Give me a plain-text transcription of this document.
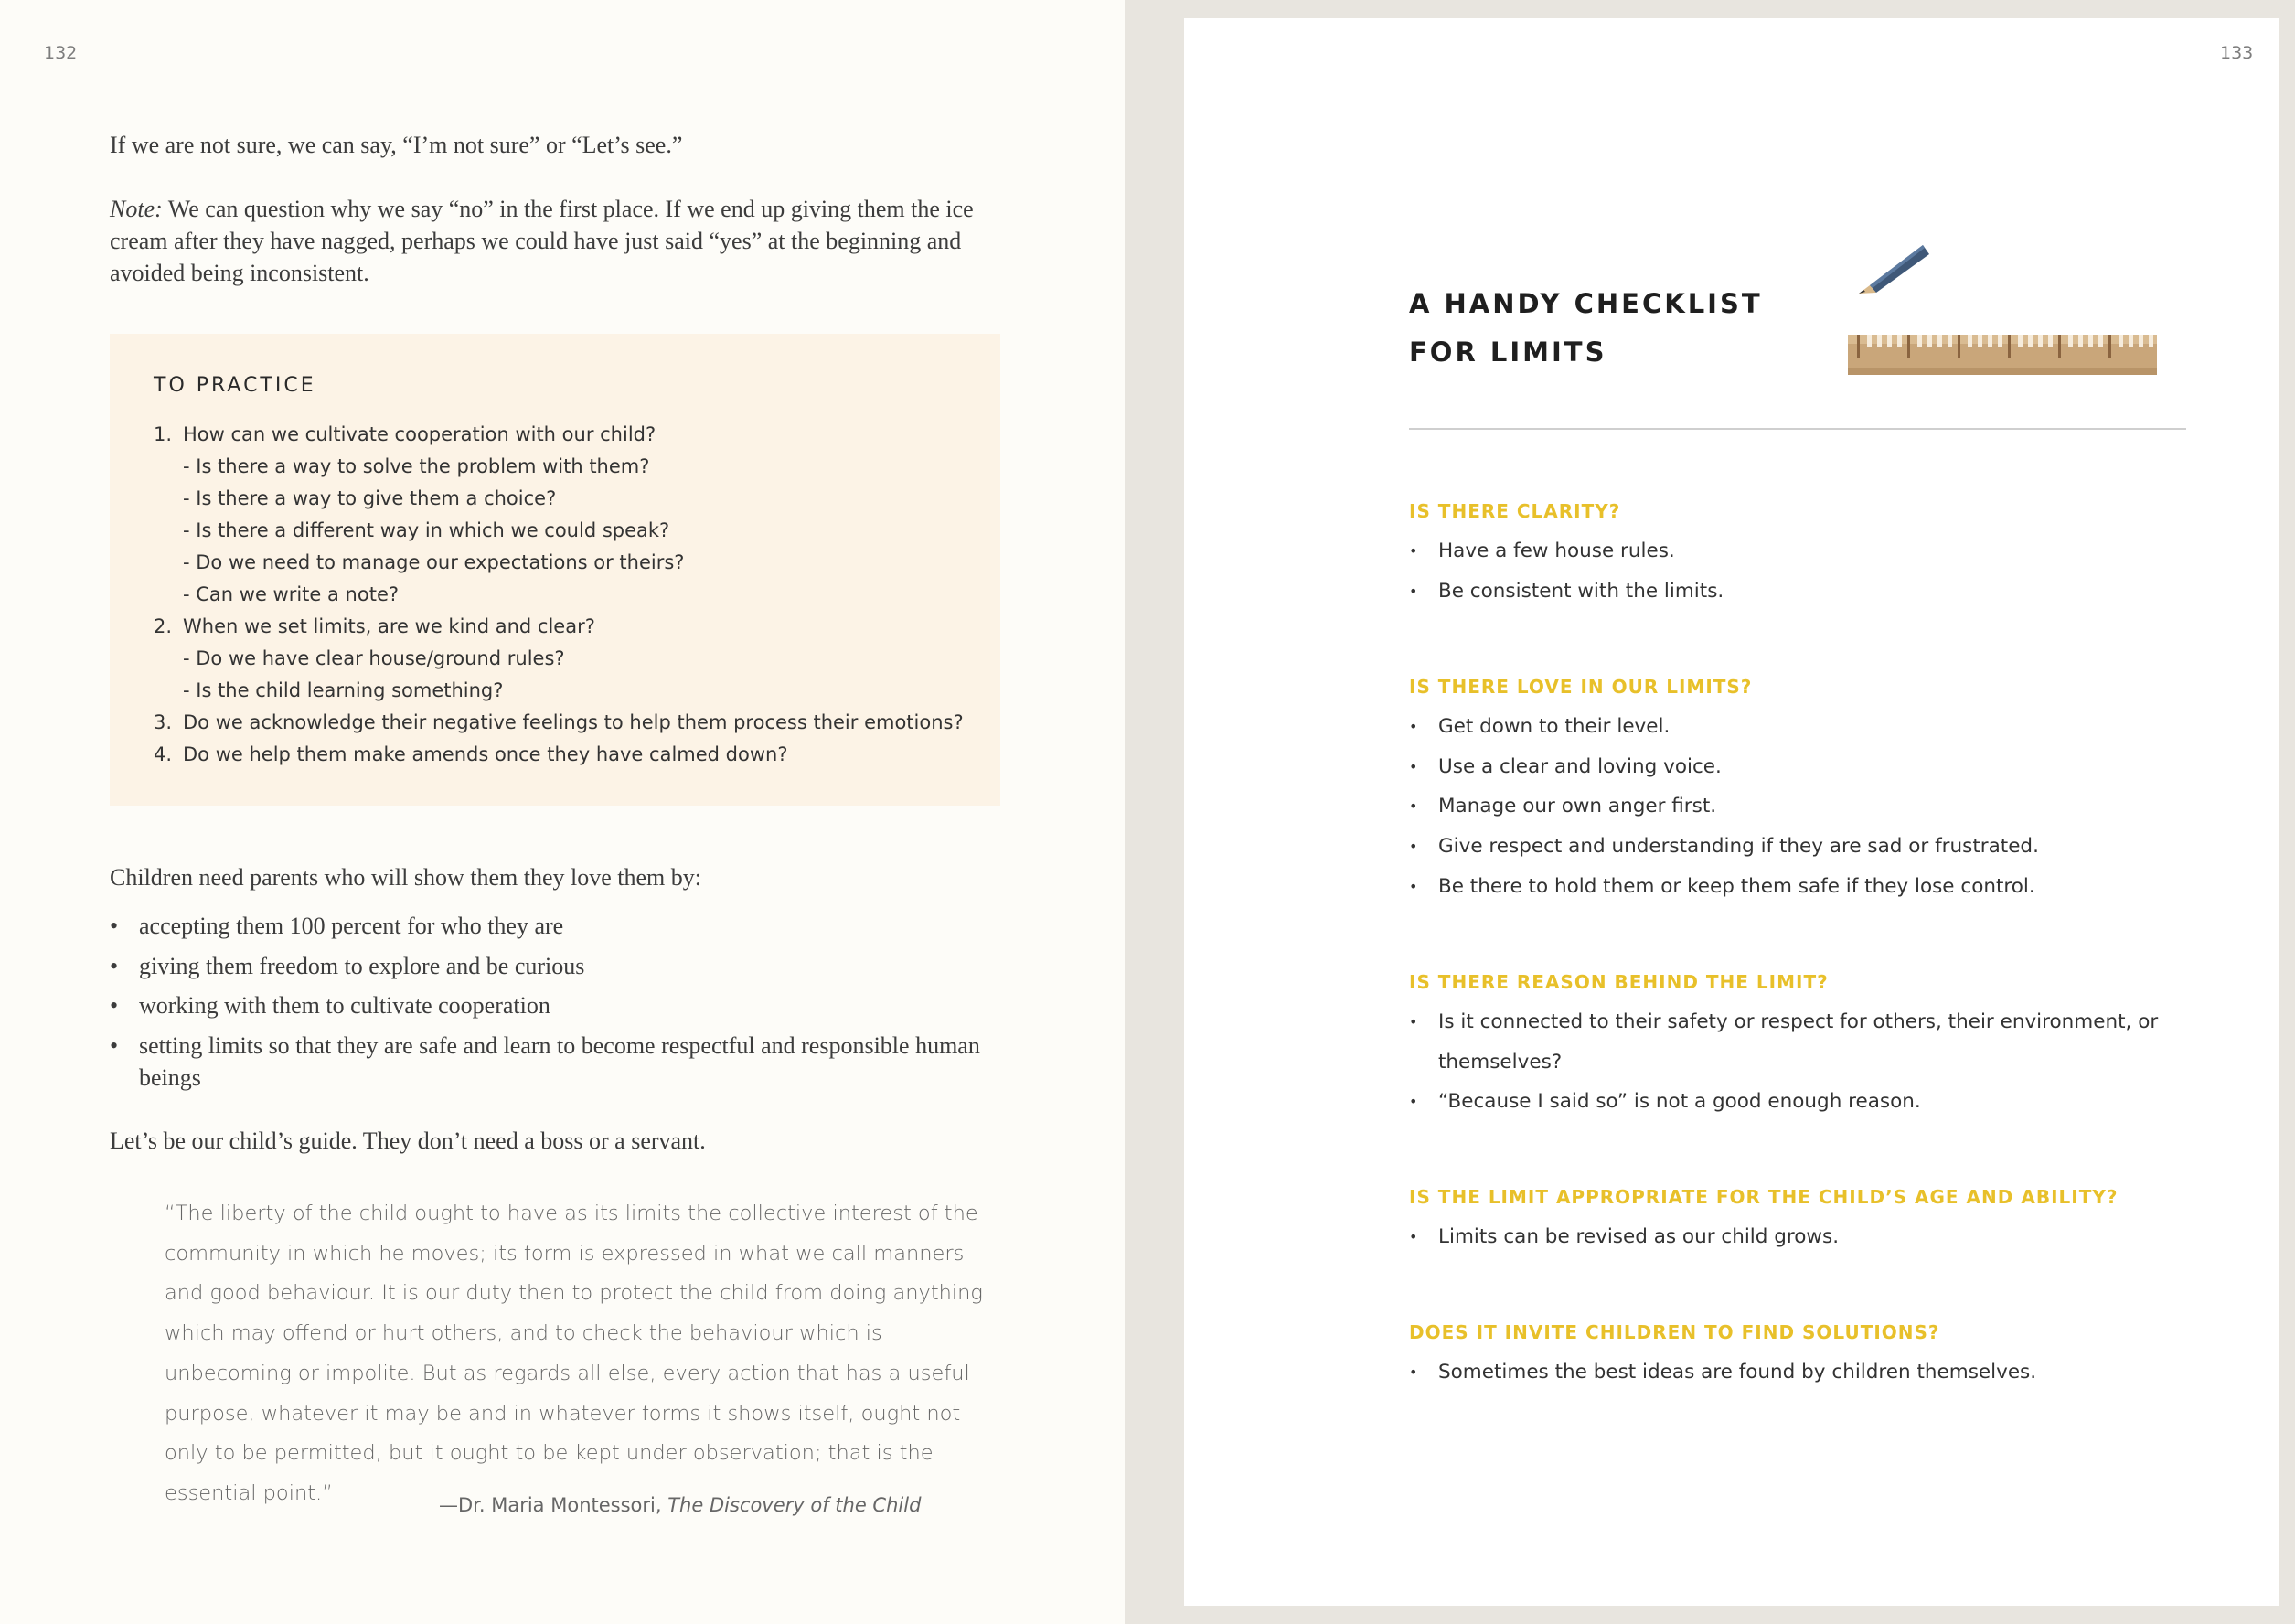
132

If we are not sure, we can say, “I’m not sure” or “Let’s see.”

Note: We can question why we say “no” in the first place. If we end up giving them the ice cream after they have nagged, perhaps we could have just said “yes” at the beginning and avoided being inconsistent.

TO PRACTICE
1. How can we cultivate cooperation with our child?
- Is there a way to solve the problem with them?
- Is there a way to give them a choice?
- Is there a different way in which we could speak?
- Do we need to manage our expectations or theirs?
- Can we write a note?
2. When we set limits, are we kind and clear?
- Do we have clear house/ground rules?
- Is the child learning something?
3. Do we acknowledge their negative feelings to help them process their emotions?
4. Do we help them make amends once they have calmed down?

Children need parents who will show them they love them by:

• accepting them 100 percent for who they are
• giving them freedom to explore and be curious
• working with them to cultivate cooperation
• setting limits so that they are safe and learn to become respectful and responsible human beings

Let’s be our child’s guide. They don’t need a boss or a servant.

“The liberty of the child ought to have as its limits the collective interest of the community in which he moves; its form is expressed in what we call manners and good behaviour. It is our duty then to protect the child from doing anything which may offend or hurt others, and to check the behaviour which is unbecoming or impolite. But as regards all else, every action that has a useful purpose, whatever it may be and in whatever forms it shows itself, ought not only to be permitted, but it ought to be kept under observation; that is the essential point.”

—Dr. Maria Montessori, The Discovery of the Child
133
A HANDY CHECKLIST
FOR LIMITS
IS THERE CLARITY?
• Have a few house rules.
• Be consistent with the limits.
IS THERE LOVE IN OUR LIMITS?
• Get down to their level.
• Use a clear and loving voice.
• Manage our own anger first.
• Give respect and understanding if they are sad or frustrated.
• Be there to hold them or keep them safe if they lose control.
IS THERE REASON BEHIND THE LIMIT?
• Is it connected to their safety or respect for others, their environment, or themselves?
• “Because I said so” is not a good enough reason.
IS THE LIMIT APPROPRIATE FOR THE CHILD’S AGE AND ABILITY?
• Limits can be revised as our child grows.
DOES IT INVITE CHILDREN TO FIND SOLUTIONS?
• Sometimes the best ideas are found by children themselves.
